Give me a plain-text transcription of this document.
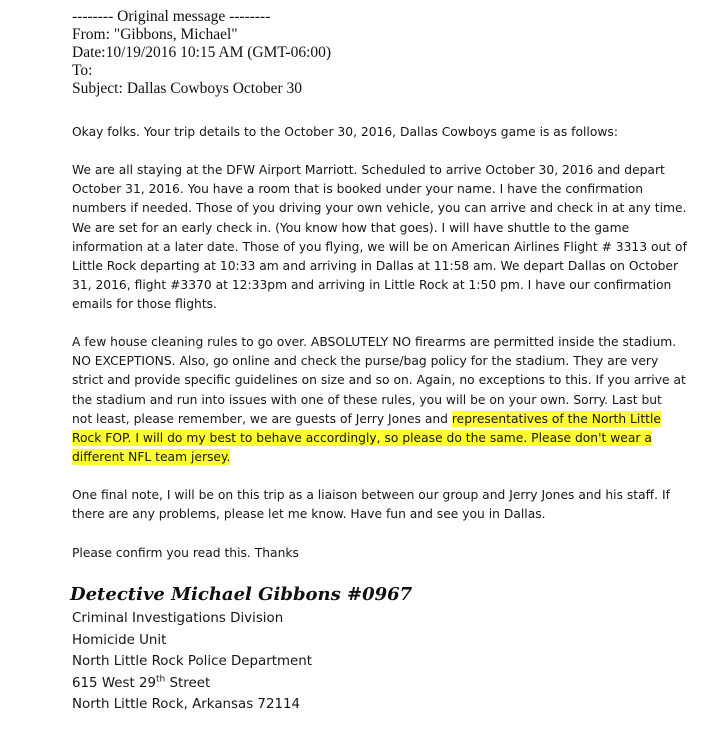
-------- Original message --------
From: "Gibbons, Michael"
Date:10/19/2016 10:15 AM (GMT-06:00)
To:
Subject: Dallas Cowboys October 30
Okay folks. Your trip details to the October 30, 2016, Dallas Cowboys game is as follows:
We are all staying at the DFW Airport Marriott. Scheduled to arrive October 30, 2016 and depart
October 31, 2016. You have a room that is booked under your name. I have the confirmation
numbers if needed. Those of you driving your own vehicle, you can arrive and check in at any time.
We are set for an early check in. (You know how that goes). I will have shuttle to the game
information at a later date. Those of you flying, we will be on American Airlines Flight # 3313 out of
Little Rock departing at 10:33 am and arriving in Dallas at 11:58 am. We depart Dallas on October
31, 2016, flight #3370 at 12:33pm and arriving in Little Rock at 1:50 pm. I have our confirmation
emails for those flights.
A few house cleaning rules to go over. ABSOLUTELY NO firearms are permitted inside the stadium.
NO EXCEPTIONS. Also, go online and check the purse/bag policy for the stadium. They are very
strict and provide specific guidelines on size and so on. Again, no exceptions to this. If you arrive at
the stadium and run into issues with one of these rules, you will be on your own. Sorry. Last but
not least, please remember, we are guests of Jerry Jones and representatives of the North Little
Rock FOP. I will do my best to behave accordingly, so please do the same. Please don't wear a
different NFL team jersey.
One final note, I will be on this trip as a liaison between our group and Jerry Jones and his staff. If
there are any problems, please let me know. Have fun and see you in Dallas.
Please confirm you read this. Thanks
Detective Michael Gibbons #0967
Criminal Investigations Division
Homicide Unit
North Little Rock Police Department
615 West 29th Street
North Little Rock, Arkansas 72114
